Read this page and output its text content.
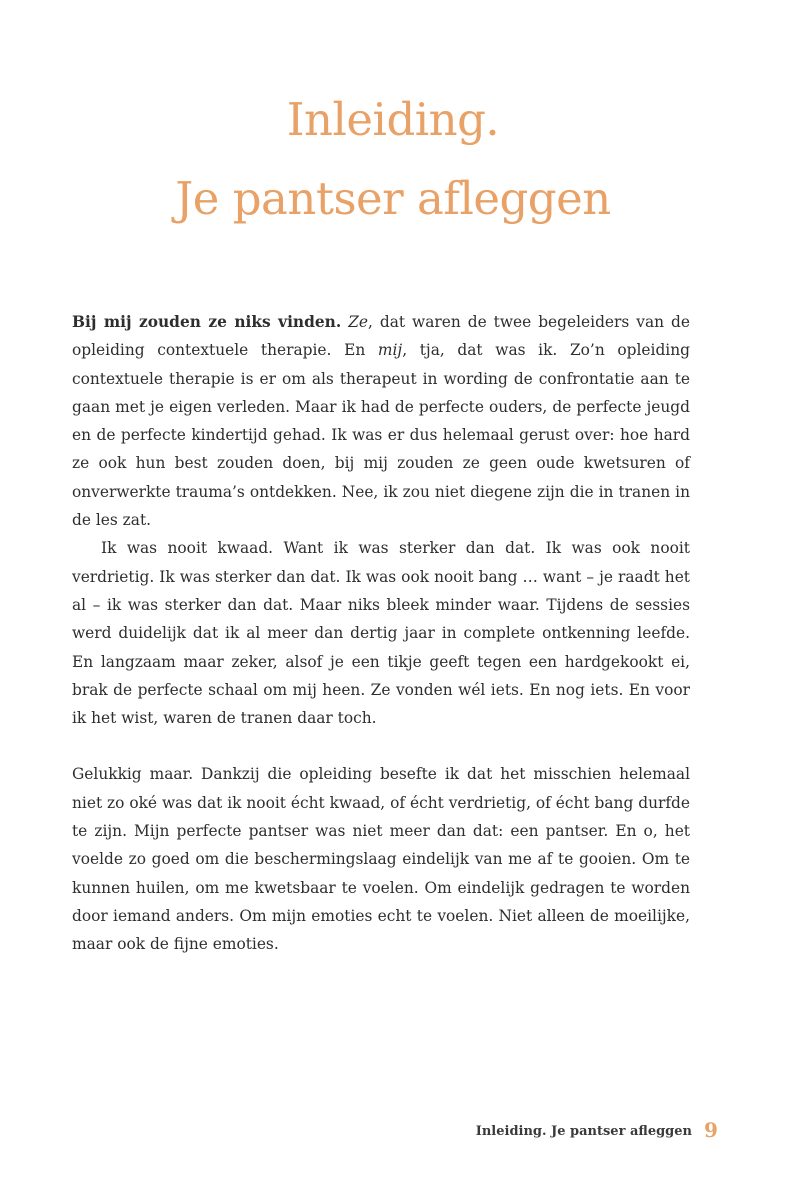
Inleiding.
Je pantser afleggen

Bij mij zouden ze niks vinden. Ze, dat waren de twee begeleiders van de opleiding contextuele therapie. En mij, tja, dat was ik. Zo’n opleiding contextuele therapie is er om als therapeut in wording de confrontatie aan te gaan met je eigen verleden. Maar ik had de perfecte ouders, de perfecte jeugd en de perfecte kindertijd gehad. Ik was er dus helemaal gerust over: hoe hard ze ook hun best zouden doen, bij mij zouden ze geen oude kwetsuren of onverwerkte trauma’s ontdekken. Nee, ik zou niet diegene zijn die in tranen in de les zat.

Ik was nooit kwaad. Want ik was sterker dan dat. Ik was ook nooit verdrietig. Ik was sterker dan dat. Ik was ook nooit bang … want – je raadt het al – ik was sterker dan dat. Maar niks bleek minder waar. Tijdens de sessies werd duidelijk dat ik al meer dan dertig jaar in complete ontkenning leefde. En langzaam maar zeker, alsof je een tikje geeft tegen een hardgekookt ei, brak de perfecte schaal om mij heen. Ze vonden wél iets. En nog iets. En voor ik het wist, waren de tranen daar toch.

Gelukkig maar. Dankzij die opleiding besefte ik dat het misschien helemaal niet zo oké was dat ik nooit écht kwaad, of écht verdrietig, of écht bang durfde te zijn. Mijn perfecte pantser was niet meer dan dat: een pantser. En o, het voelde zo goed om die beschermingslaag eindelijk van me af te gooien. Om te kunnen huilen, om me kwetsbaar te voelen. Om eindelijk gedragen te worden door iemand anders. Om mijn emoties echt te voelen. Niet alleen de moeilijke, maar ook de fijne emoties.

Inleiding. Je pantser afleggen 9
